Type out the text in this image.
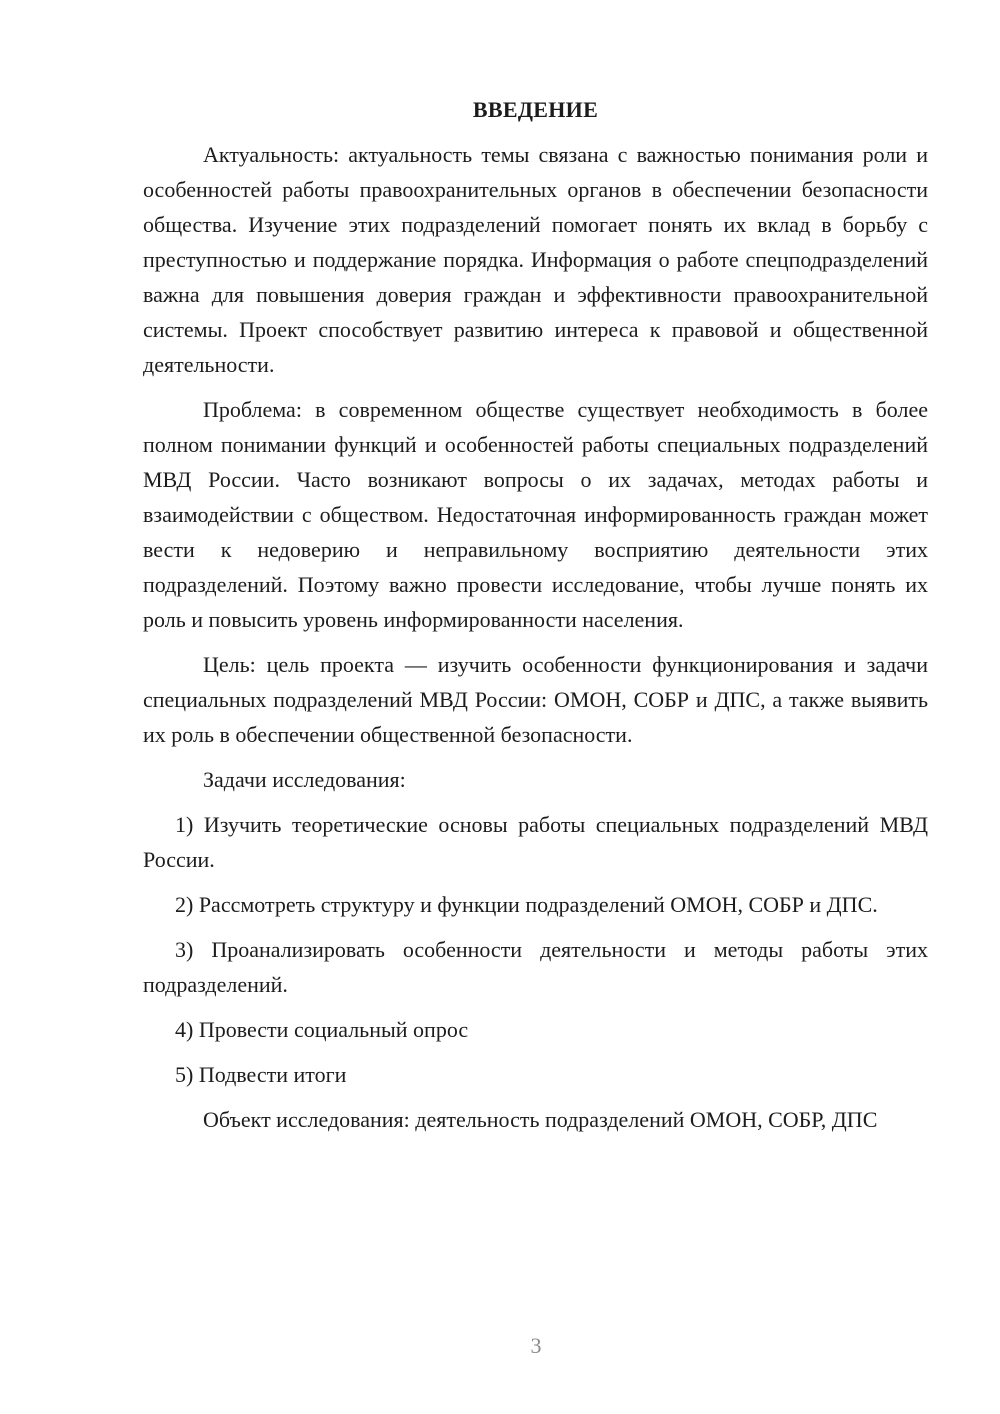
ВВЕДЕНИЕ
Актуальность: актуальность темы связана с важностью понимания роли и особенностей работы правоохранительных органов в обеспечении безопасности общества. Изучение этих подразделений помогает понять их вклад в борьбу с преступностью и поддержание порядка. Информация о работе спецподразделений важна для повышения доверия граждан и эффективности правоохранительной системы. Проект способствует развитию интереса к правовой и общественной деятельности.
Проблема: в современном обществе существует необходимость в более полном понимании функций и особенностей работы специальных подразделений МВД России. Часто возникают вопросы о их задачах, методах работы и взаимодействии с обществом. Недостаточная информированность граждан может вести к недоверию и неправильному восприятию деятельности этих подразделений. Поэтому важно провести исследование, чтобы лучше понять их роль и повысить уровень информированности населения.
Цель: цель проекта — изучить особенности функционирования и задачи специальных подразделений МВД России: ОМОН, СОБР и ДПС, а также выявить их роль в обеспечении общественной безопасности.
Задачи исследования:
1) Изучить теоретические основы работы специальных подразделений МВД России.
2) Рассмотреть структуру и функции подразделений ОМОН, СОБР и ДПС.
3) Проанализировать особенности деятельности и методы работы этих подразделений.
4) Провести социальный опрос
5) Подвести итоги
Объект исследования: деятельность подразделений ОМОН, СОБР, ДПС
3
